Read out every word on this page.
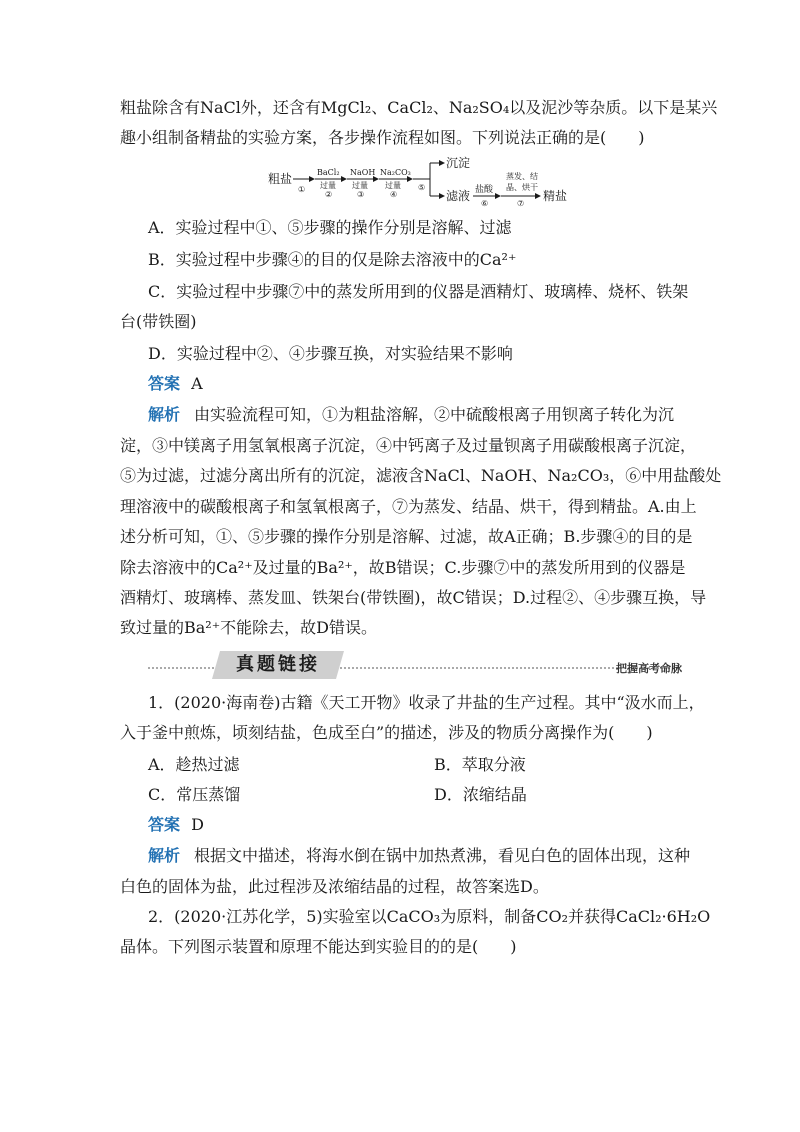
粗盐除含有NaCl外，还含有MgCl₂、CaCl₂、Na₂SO₄以及泥沙等杂质。以下是某兴
趣小组制备精盐的实验方案，各步操作流程如图。下列说法正确的是(　　)
粗盐
①
BaCl₂
过量
②
NaOH
过量
③
Na₂CO₃
过量
④
⑤
沉淀
滤液 盐酸
⑥
蒸发、结
晶、烘干
⑦
精盐
A．实验过程中①、⑤步骤的操作分别是溶解、过滤
B．实验过程中步骤④的目的仅是除去溶液中的Ca²⁺
C．实验过程中步骤⑦中的蒸发所用到的仪器是酒精灯、玻璃棒、烧杯、铁架
台(带铁圈)
D．实验过程中②、④步骤互换，对实验结果不影响
答案 A
解析 由实验流程可知，①为粗盐溶解，②中硫酸根离子用钡离子转化为沉
淀，③中镁离子用氢氧根离子沉淀，④中钙离子及过量钡离子用碳酸根离子沉淀，
⑤为过滤，过滤分离出所有的沉淀，滤液含NaCl、NaOH、Na₂CO₃，⑥中用盐酸处
理溶液中的碳酸根离子和氢氧根离子，⑦为蒸发、结晶、烘干，得到精盐。A.由上
述分析可知，①、⑤步骤的操作分别是溶解、过滤，故A正确；B.步骤④的目的是
除去溶液中的Ca²⁺及过量的Ba²⁺，故B错误；C.步骤⑦中的蒸发所用到的仪器是
酒精灯、玻璃棒、蒸发皿、铁架台(带铁圈)，故C错误；D.过程②、④步骤互换，导
致过量的Ba²⁺不能除去，故D错误。
真题链接	把握高考命脉
1．(2020·海南卷)古籍《天工开物》收录了井盐的生产过程。其中“汲水而上，
入于釜中煎炼，顷刻结盐，色成至白”的描述，涉及的物质分离操作为(　　)
A．趁热过滤	B．萃取分液
C．常压蒸馏	D．浓缩结晶
答案 D
解析 根据文中描述，将海水倒在锅中加热煮沸，看见白色的固体出现，这种
白色的固体为盐，此过程涉及浓缩结晶的过程，故答案选D。
2．(2020·江苏化学，5)实验室以CaCO₃为原料，制备CO₂并获得CaCl₂·6H₂O
晶体。下列图示装置和原理不能达到实验目的的是(　　)
